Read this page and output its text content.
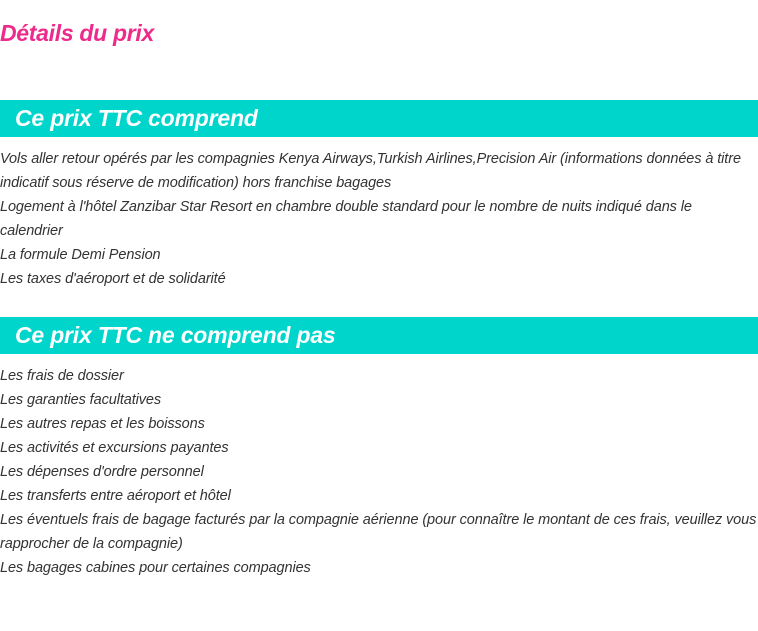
Détails du prix
Ce prix TTC comprend
Vols aller retour opérés par les compagnies Kenya Airways,Turkish Airlines,Precision Air (informations données à titre indicatif sous réserve de modification) hors franchise bagages
Logement à l'hôtel Zanzibar Star Resort en chambre double standard pour le nombre de nuits indiqué dans le calendrier
La formule Demi Pension
Les taxes d'aéroport et de solidarité
Ce prix TTC ne comprend pas
Les frais de dossier
Les garanties facultatives
Les autres repas et les boissons
Les activités et excursions payantes
Les dépenses d'ordre personnel
Les transferts entre aéroport et hôtel
Les éventuels frais de bagage facturés par la compagnie aérienne (pour connaître le montant de ces frais, veuillez vous rapprocher de la compagnie)
Les bagages cabines pour certaines compagnies
